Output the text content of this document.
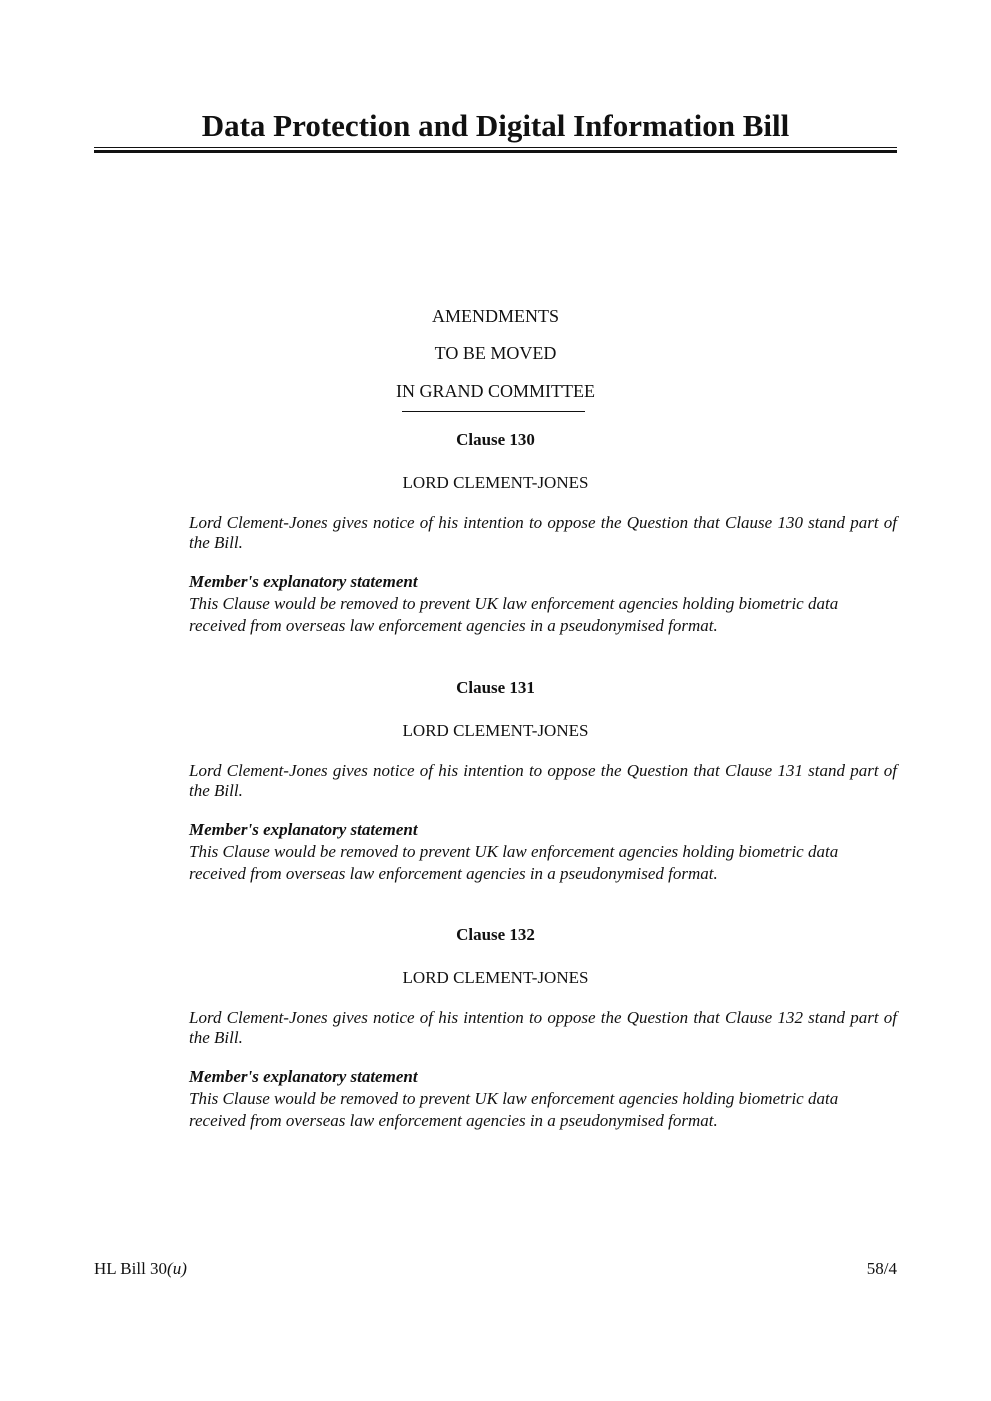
Data Protection and Digital Information Bill
AMENDMENTS
TO BE MOVED
IN GRAND COMMITTEE
Clause 130
LORD CLEMENT-JONES
Lord Clement-Jones gives notice of his intention to oppose the Question that Clause 130 stand part of the Bill.
Member's explanatory statement
This Clause would be removed to prevent UK law enforcement agencies holding biometric data received from overseas law enforcement agencies in a pseudonymised format.
Clause 131
LORD CLEMENT-JONES
Lord Clement-Jones gives notice of his intention to oppose the Question that Clause 131 stand part of the Bill.
Member's explanatory statement
This Clause would be removed to prevent UK law enforcement agencies holding biometric data received from overseas law enforcement agencies in a pseudonymised format.
Clause 132
LORD CLEMENT-JONES
Lord Clement-Jones gives notice of his intention to oppose the Question that Clause 132 stand part of the Bill.
Member's explanatory statement
This Clause would be removed to prevent UK law enforcement agencies holding biometric data received from overseas law enforcement agencies in a pseudonymised format.
HL Bill 30(u)	58/4
